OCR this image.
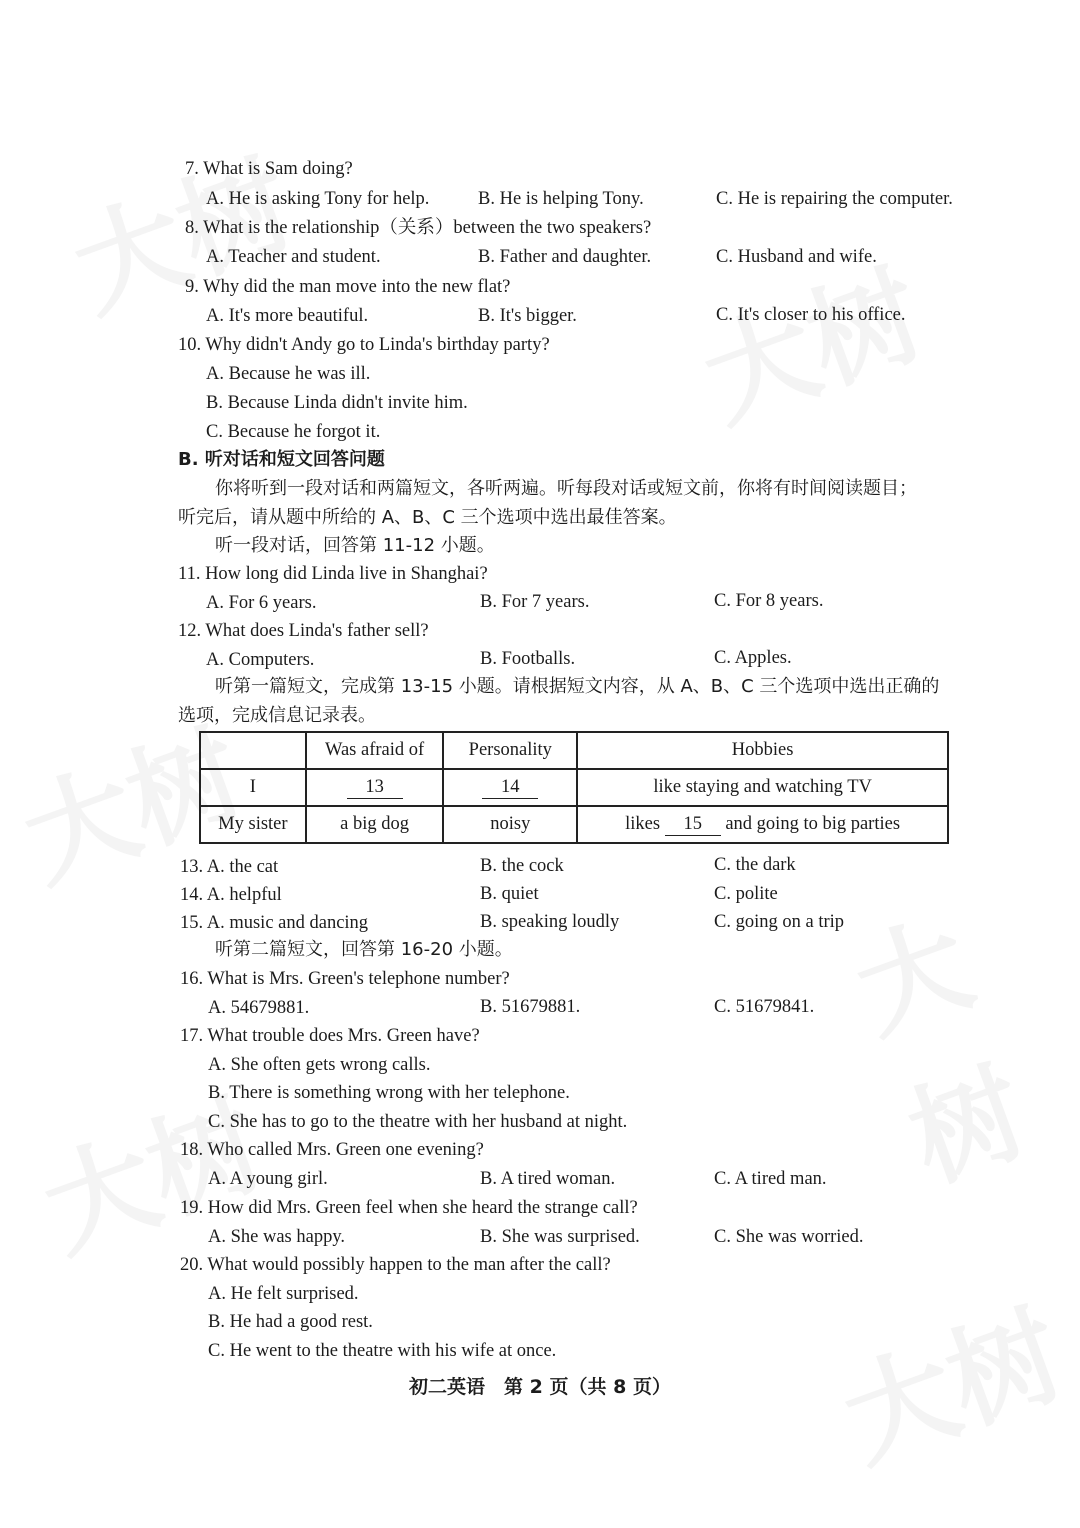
7. What is Sam doing?
A. He is asking Tony for help.	B. He is helping Tony.	C. He is repairing the computer.
8. What is the relationship（关系）between the two speakers?
A. Teacher and student.	B. Father and daughter.	C. Husband and wife.
9. Why did the man move into the new flat?
A. It's more beautiful.	B. It's bigger.	C. It's closer to his office.
10. Why didn't Andy go to Linda's birthday party?
A. Because he was ill.
B. Because Linda didn't invite him.
C. Because he forgot it.
B. 听对话和短文回答问题
你将听到一段对话和两篇短文，各听两遍。听每段对话或短文前，你将有时间阅读题目；
听完后，请从题中所给的 A、B、C 三个选项中选出最佳答案。
听一段对话，回答第 11-12 小题。
11. How long did Linda live in Shanghai?
A. For 6 years.	B. For 7 years.	C. For 8 years.
12. What does Linda's father sell?
A. Computers.	B. Footballs.	C. Apples.
听第一篇短文，完成第 13-15 小题。请根据短文内容，从 A、B、C 三个选项中选出正确的
选项，完成信息记录表。
	Was afraid of	Personality	Hobbies
I	13	14	like staying and watching TV
My sister	a big dog	noisy	likes 15 and going to big parties
13. A. the cat	B. the cock	C. the dark
14. A. helpful	B. quiet	C. polite
15. A. music and dancing	B. speaking loudly	C. going on a trip
听第二篇短文，回答第 16-20 小题。
16. What is Mrs. Green's telephone number?
A. 54679881.	B. 51679881.	C. 51679841.
17. What trouble does Mrs. Green have?
A. She often gets wrong calls.
B. There is something wrong with her telephone.
C. She has to go to the theatre with her husband at night.
18. Who called Mrs. Green one evening?
A. A young girl.	B. A tired woman.	C. A tired man.
19. How did Mrs. Green feel when she heard the strange call?
A. She was happy.	B. She was surprised.	C. She was worried.
20. What would possibly happen to the man after the call?
A. He felt surprised.
B. He had a good rest.
C. He went to the theatre with his wife at once.
初二英语　第 2 页（共 8 页）
